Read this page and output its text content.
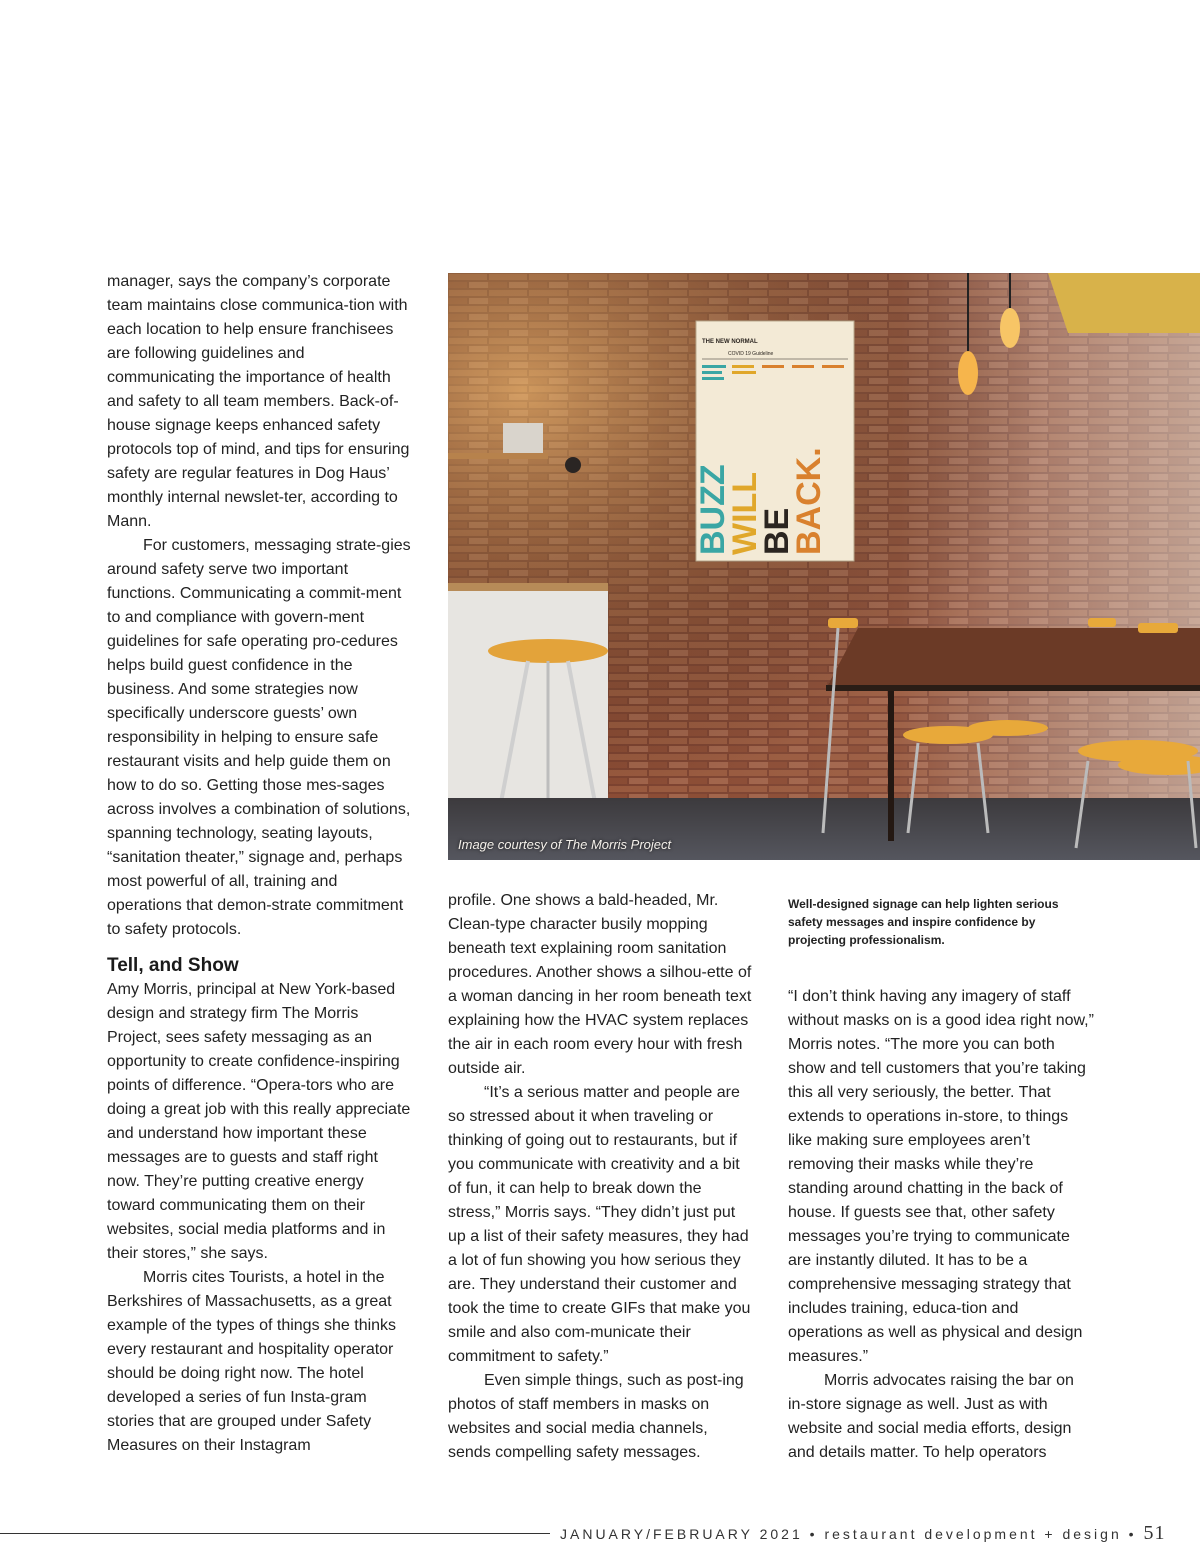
manager, says the company’s corporate team maintains close communica-tion with each location to help ensure franchisees are following guidelines and communicating the importance of health and safety to all team members. Back-of-house signage keeps enhanced safety protocols top of mind, and tips for ensuring safety are regular features in Dog Haus’ monthly internal newslet-ter, according to Mann.

For customers, messaging strate-gies around safety serve two important functions. Communicating a commit-ment to and compliance with govern-ment guidelines for safe operating pro-cedures helps build guest confidence in the business. And some strategies now specifically underscore guests’ own responsibility in helping to ensure safe restaurant visits and help guide them on how to do so. Getting those mes-sages across involves a combination of solutions, spanning technology, seating layouts, “sanitation theater,” signage and, perhaps most powerful of all, training and operations that demon-strate commitment to safety protocols.

Tell, and Show

Amy Morris, principal at New York-based design and strategy firm The Morris Project, sees safety messaging as an opportunity to create confidence-inspiring points of difference. “Opera-tors who are doing a great job with this really appreciate and understand how important these messages are to guests and staff right now. They’re putting creative energy toward communicating them on their websites, social media platforms and in their stores,” she says.

Morris cites Tourists, a hotel in the Berkshires of Massachusetts, as a great example of the types of things she thinks every restaurant and hospitality operator should be doing right now. The hotel developed a series of fun Insta-gram stories that are grouped under Safety Measures on their Instagram

THE NEW NORMAL
COVID 19 Guideline
BUZZ
WILL
BE
BACK.
Image courtesy of The Morris Project

profile. One shows a bald-headed, Mr. Clean-type character busily mopping beneath text explaining room sanitation procedures. Another shows a silhou-ette of a woman dancing in her room beneath text explaining how the HVAC system replaces the air in each room every hour with fresh outside air.

“It’s a serious matter and people are so stressed about it when traveling or thinking of going out to restaurants, but if you communicate with creativity and a bit of fun, it can help to break down the stress,” Morris says. “They didn’t just put up a list of their safety measures, they had a lot of fun showing you how serious they are. They understand their customer and took the time to create GIFs that make you smile and also com-municate their commitment to safety.”

Even simple things, such as post-ing photos of staff members in masks on websites and social media channels, sends compelling safety messages.

Well-designed signage can help lighten serious safety messages and inspire confidence by projecting professionalism.

“I don’t think having any imagery of staff without masks on is a good idea right now,” Morris notes. “The more you can both show and tell customers that you’re taking this all very seriously, the better. That extends to operations in-store, to things like making sure employees aren’t removing their masks while they’re standing around chatting in the back of house. If guests see that, other safety messages you’re trying to communicate are instantly diluted. It has to be a comprehensive messaging strategy that includes training, educa-tion and operations as well as physical and design measures.”

Morris advocates raising the bar on in-store signage as well. Just as with website and social media efforts, design and details matter. To help operators

JANUARY/FEBRUARY 2021 • restaurant development + design • 51
